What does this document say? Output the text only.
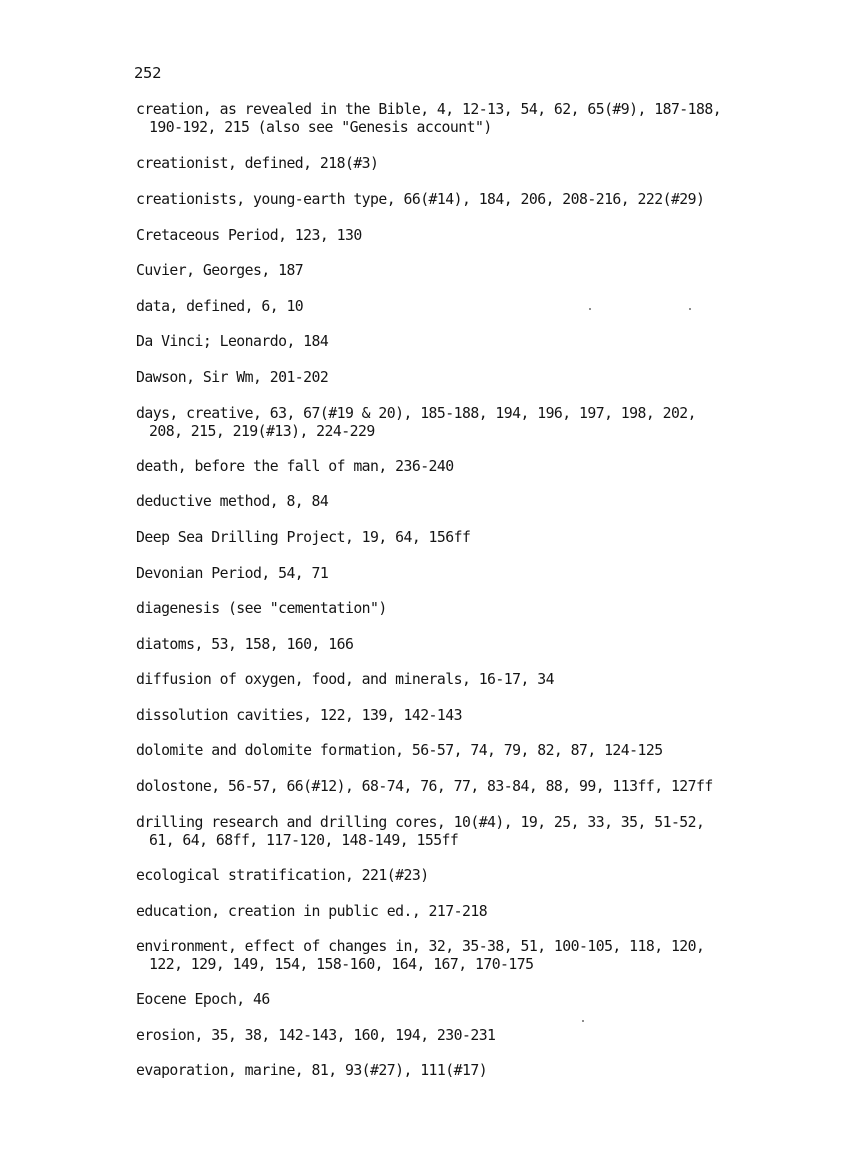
252
creation, as revealed in the Bible, 4, 12-13, 54, 62, 65(#9), 187-188,
190-192, 215 (also see "Genesis account")
creationist, defined, 218(#3)
creationists, young-earth type, 66(#14), 184, 206, 208-216, 222(#29)
Cretaceous Period, 123, 130
Cuvier, Georges, 187
data, defined, 6, 10
Da Vinci; Leonardo, 184
Dawson, Sir Wm, 201-202
days, creative, 63, 67(#19 & 20), 185-188, 194, 196, 197, 198, 202,
208, 215, 219(#13), 224-229
death, before the fall of man, 236-240
deductive method, 8, 84
Deep Sea Drilling Project, 19, 64, 156ff
Devonian Period, 54, 71
diagenesis (see "cementation")
diatoms, 53, 158, 160, 166
diffusion of oxygen, food, and minerals, 16-17, 34
dissolution cavities, 122, 139, 142-143
dolomite and dolomite formation, 56-57, 74, 79, 82, 87, 124-125
dolostone, 56-57, 66(#12), 68-74, 76, 77, 83-84, 88, 99, 113ff, 127ff
drilling research and drilling cores, 10(#4), 19, 25, 33, 35, 51-52,
61, 64, 68ff, 117-120, 148-149, 155ff
ecological stratification, 221(#23)
education, creation in public ed., 217-218
environment, effect of changes in, 32, 35-38, 51, 100-105, 118, 120,
122, 129, 149, 154, 158-160, 164, 167, 170-175
Eocene Epoch, 46
erosion, 35, 38, 142-143, 160, 194, 230-231
evaporation, marine, 81, 93(#27), 111(#17)
